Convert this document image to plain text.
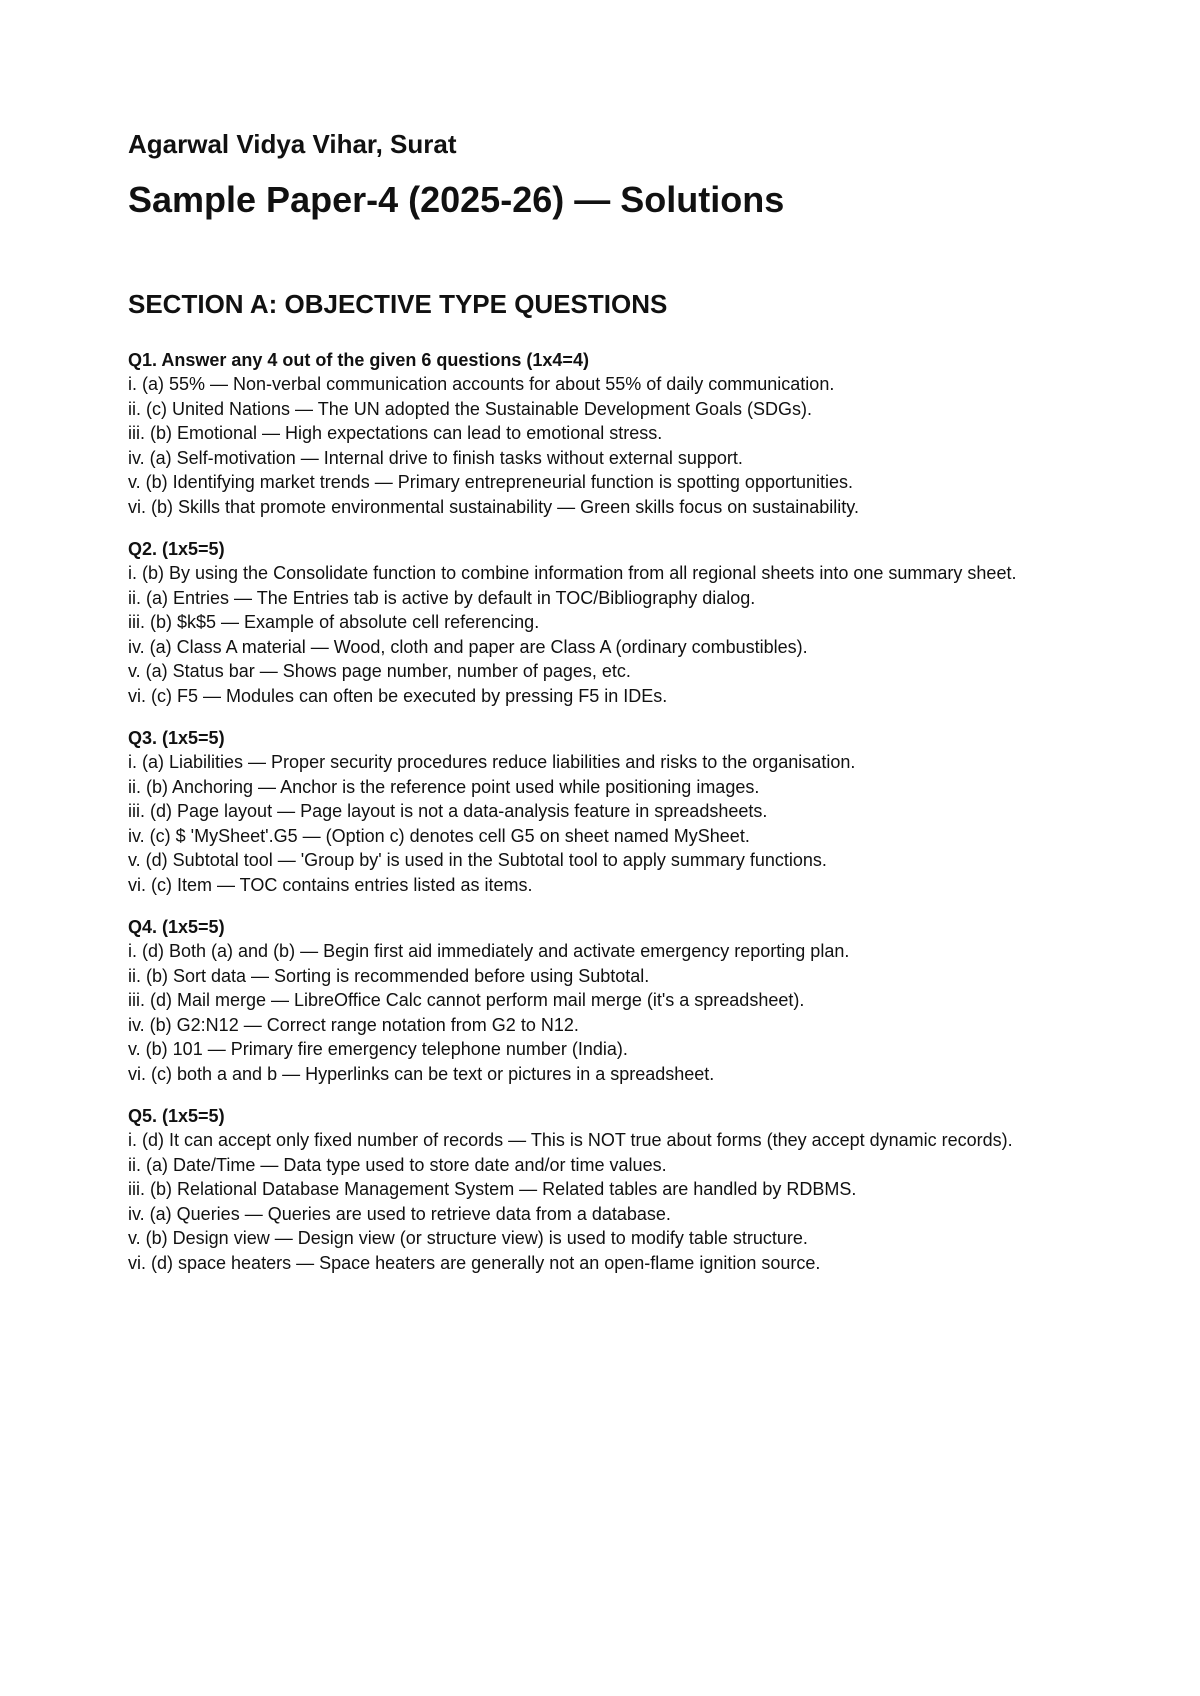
Agarwal Vidya Vihar, Surat
Sample Paper-4 (2025-26) — Solutions
SECTION A: OBJECTIVE TYPE QUESTIONS

Q1. Answer any 4 out of the given 6 questions (1x4=4)

i. (a) 55% — Non-verbal communication accounts for about 55% of daily communication.

ii. (c) United Nations — The UN adopted the Sustainable Development Goals (SDGs).

iii. (b) Emotional — High expectations can lead to emotional stress.

iv. (a) Self-motivation — Internal drive to finish tasks without external support.

v. (b) Identifying market trends — Primary entrepreneurial function is spotting opportunities.

vi. (b) Skills that promote environmental sustainability — Green skills focus on sustainability.

Q2. (1x5=5)

i. (b) By using the Consolidate function to combine information from all regional sheets into one summary sheet.

ii. (a) Entries — The Entries tab is active by default in TOC/Bibliography dialog.

iii. (b) $k$5 — Example of absolute cell referencing.

iv. (a) Class A material — Wood, cloth and paper are Class A (ordinary combustibles).

v. (a) Status bar — Shows page number, number of pages, etc.

vi. (c) F5 — Modules can often be executed by pressing F5 in IDEs.

Q3. (1x5=5)

i. (a) Liabilities — Proper security procedures reduce liabilities and risks to the organisation.

ii. (b) Anchoring — Anchor is the reference point used while positioning images.

iii. (d) Page layout — Page layout is not a data-analysis feature in spreadsheets.

iv. (c) $ 'MySheet'.G5 — (Option c) denotes cell G5 on sheet named MySheet.

v. (d) Subtotal tool — 'Group by' is used in the Subtotal tool to apply summary functions.

vi. (c) Item — TOC contains entries listed as items.

Q4. (1x5=5)

i. (d) Both (a) and (b) — Begin first aid immediately and activate emergency reporting plan.

ii. (b) Sort data — Sorting is recommended before using Subtotal.

iii. (d) Mail merge — LibreOffice Calc cannot perform mail merge (it's a spreadsheet).

iv. (b) G2:N12 — Correct range notation from G2 to N12.

v. (b) 101 — Primary fire emergency telephone number (India).

vi. (c) both a and b — Hyperlinks can be text or pictures in a spreadsheet.

Q5. (1x5=5)

i. (d) It can accept only fixed number of records — This is NOT true about forms (they accept dynamic records).

ii. (a) Date/Time — Data type used to store date and/or time values.

iii. (b) Relational Database Management System — Related tables are handled by RDBMS.

iv. (a) Queries — Queries are used to retrieve data from a database.

v. (b) Design view — Design view (or structure view) is used to modify table structure.

vi. (d) space heaters — Space heaters are generally not an open-flame ignition source.
